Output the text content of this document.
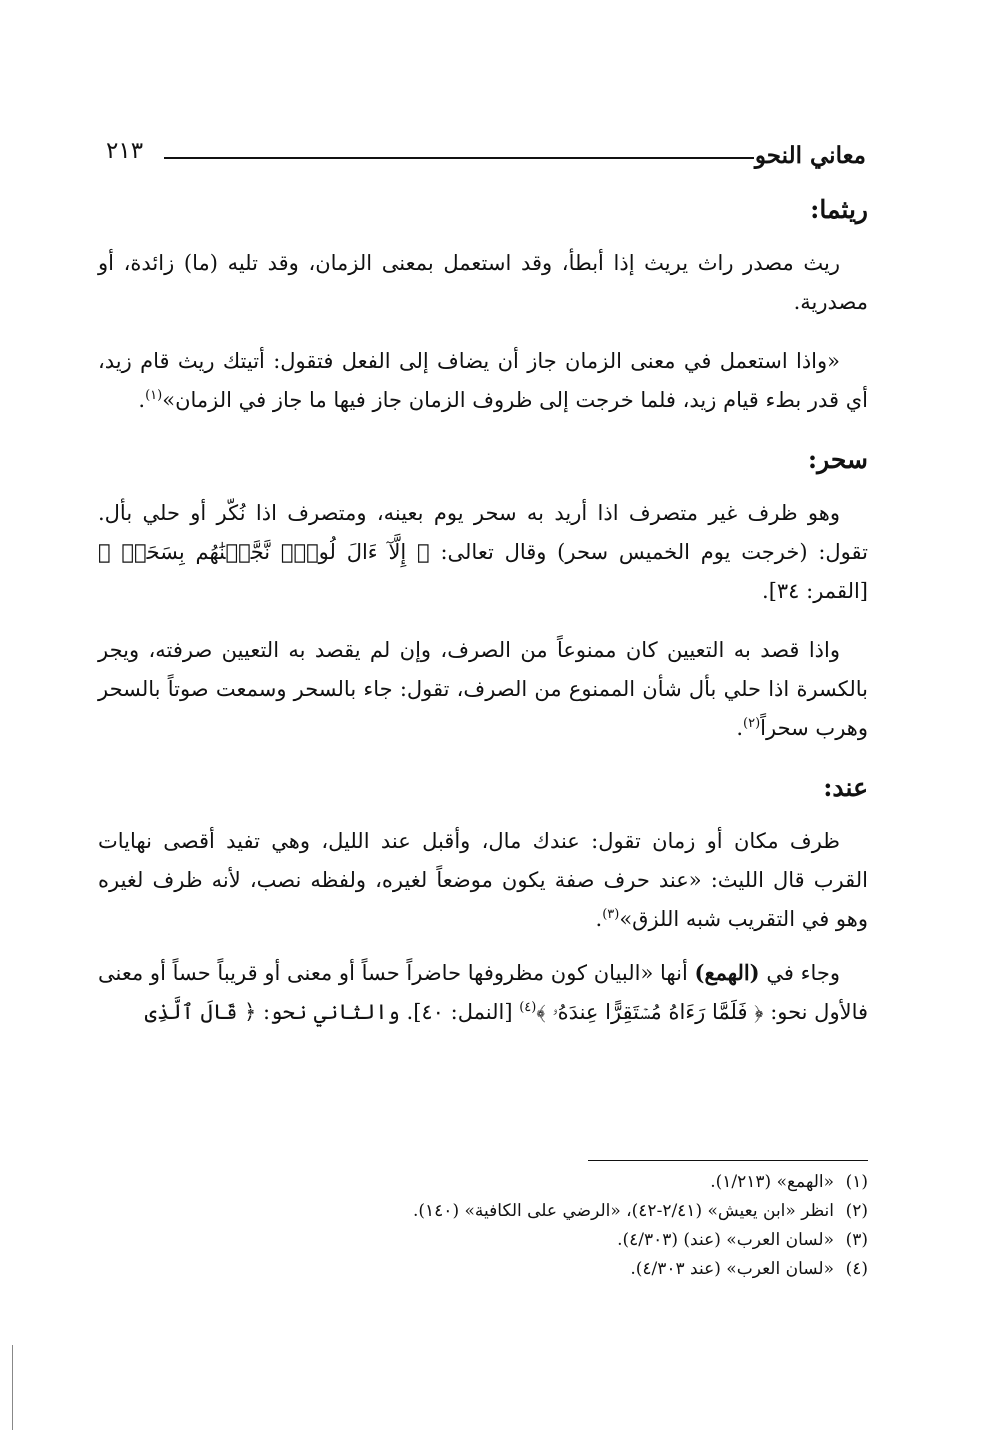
معاني النحو
٢١٣

ريثما:

ريث مصدر راث يريث إذا أبطأ، وقد استعمل بمعنى الزمان، وقد تليه (ما) زائدة، أو مصدرية.

«واذا استعمل في معنى الزمان جاز أن يضاف إلى الفعل فتقول: أتيتك ريث قام زيد، أي قدر بطء قيام زيد، فلما خرجت إلى ظروف الزمان جاز فيها ما جاز في الزمان»$^{(١)}$.

سحر:

وهو ظرف غير متصرف اذا أريد به سحر يوم بعينه، ومتصرف اذا نُكّر أو حلي بأل. تقول: (خرجت يوم الخميس سحر) وقال تعالى: ﴿ إِلَّآ ءَالَ لُوطٍۖ نَّجَّيۡنَٰهُم بِسَحَرٖ ﴾ [القمر: ٣٤].

واذا قصد به التعيين كان ممنوعاً من الصرف، وإن لم يقصد به التعيين صرفته، ويجر بالكسرة اذا حلي بأل شأن الممنوع من الصرف، تقول: جاء بالسحر وسمعت صوتاً بالسحر وهرب سحراً$^{(٢)}$.

عند:

ظرف مكان أو زمان تقول: عندك مال، وأقبل عند الليل، وهي تفيد أقصى نهايات القرب قال الليث: «عند حرف صفة يكون موضعاً لغيره، ولفظه نصب، لأنه ظرف لغيره وهو في التقريب شبه اللزق»$^{(٣)}$.

وجاء في (الهمع) أنها «البيان كون مظروفها حاضراً حساً أو معنى أو قريباً حساً أو معنى فالأول نحو: ﴿ فَلَمَّا رَءَاهُ مُسۡتَقِرًّا عِندَهُۥ ﴾$^{(٤)}$ [النمل: ٤٠]. والثاني نحو: ﴿ قَالَ ٱلَّذِى

(١)«الهمع» (١/٢١٣).

(٢)انظر «ابن يعيش» (٢/٤١-٤٢)، «الرضي على الكافية» (١٤٠).

(٣)«لسان العرب» (عند) (٤/٣٠٣).

(٤)«لسان العرب» (عند ٤/٣٠٣).
